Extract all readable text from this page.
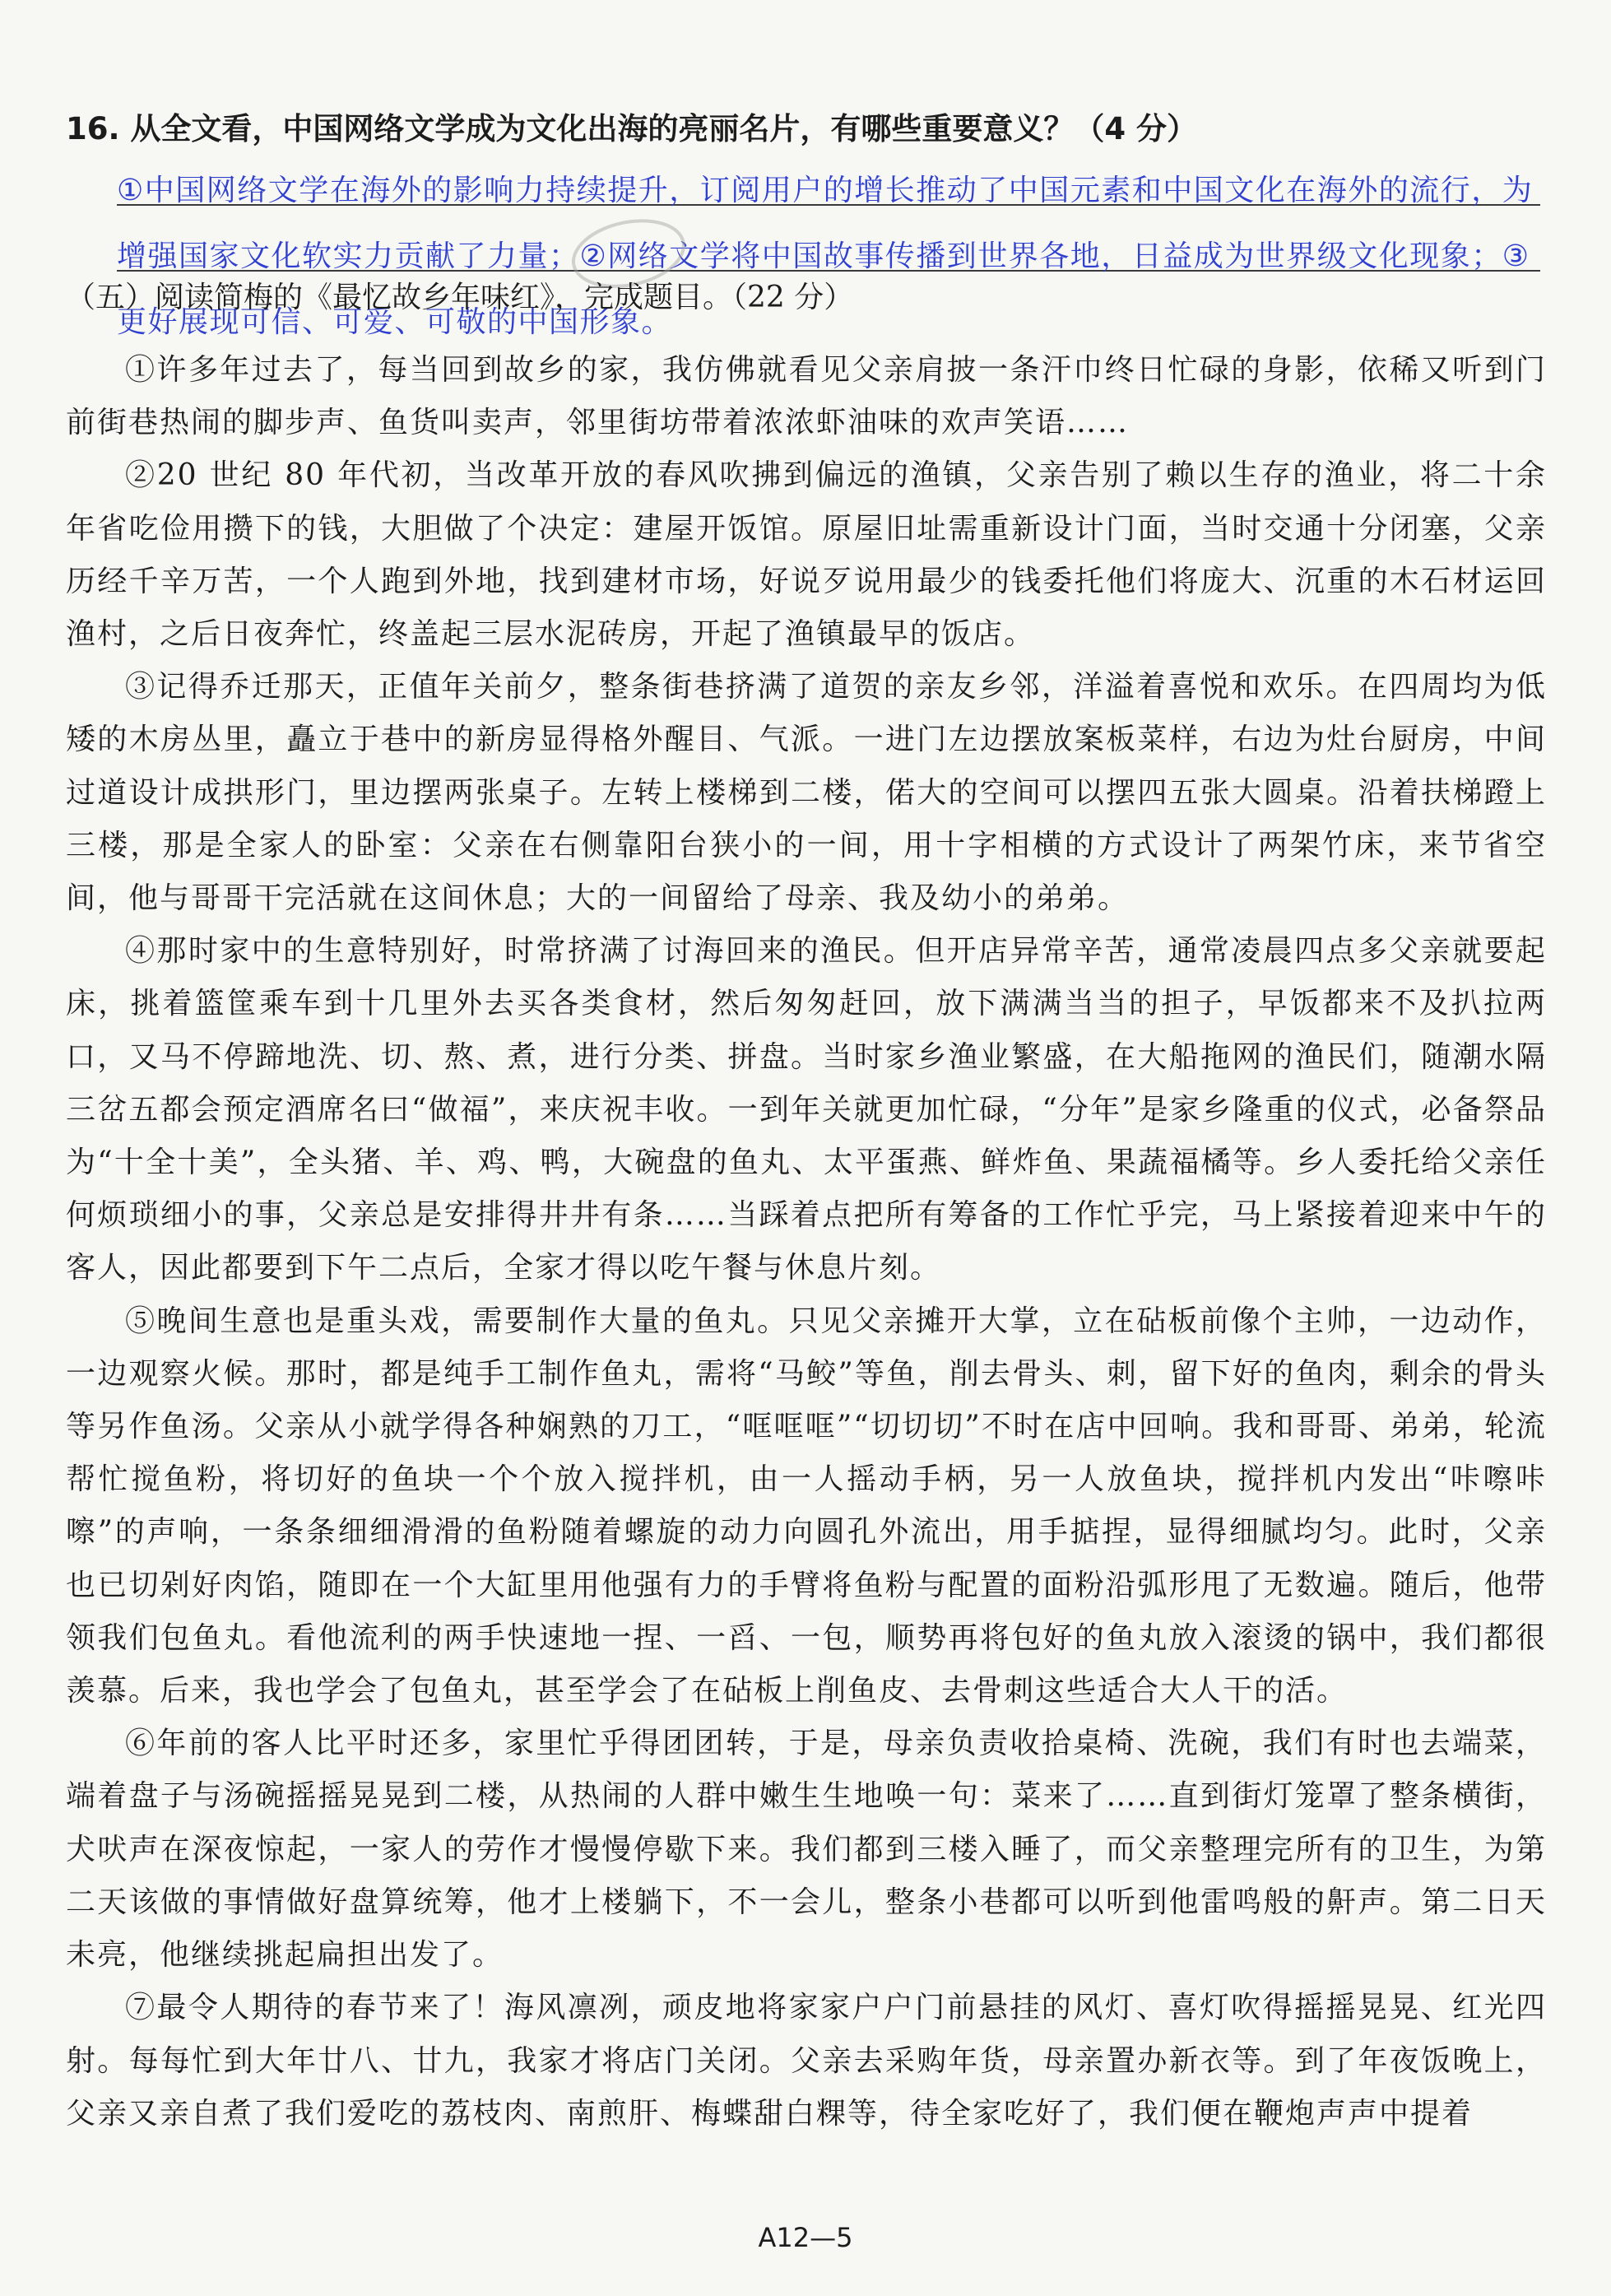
16. 从全文看，中国网络文学成为文化出海的亮丽名片，有哪些重要意义？（4 分）
①中国网络文学在海外的影响力持续提升，订阅用户的增长推动了中国元素和中国文化在海外的流行，为增强国家文化软实力贡献了力量；②网络文学将中国故事传播到世界各地，日益成为世界级文化现象；③更好展现可信、可爱、可敬的中国形象。
（五）阅读简梅的《最忆故乡年味红》，完成题目。（22 分）

①许多年过去了，每当回到故乡的家，我仿佛就看见父亲肩披一条汗巾终日忙碌的身影，依稀又听到门前街巷热闹的脚步声、鱼货叫卖声，邻里街坊带着浓浓虾油味的欢声笑语……

②20 世纪 80 年代初，当改革开放的春风吹拂到偏远的渔镇，父亲告别了赖以生存的渔业，将二十余年省吃俭用攒下的钱，大胆做了个决定：建屋开饭馆。原屋旧址需重新设计门面，当时交通十分闭塞，父亲历经千辛万苦，一个人跑到外地，找到建材市场，好说歹说用最少的钱委托他们将庞大、沉重的木石材运回渔村，之后日夜奔忙，终盖起三层水泥砖房，开起了渔镇最早的饭店。

③记得乔迁那天，正值年关前夕，整条街巷挤满了道贺的亲友乡邻，洋溢着喜悦和欢乐。在四周均为低矮的木房丛里，矗立于巷中的新房显得格外醒目、气派。一进门左边摆放案板菜样，右边为灶台厨房，中间过道设计成拱形门，里边摆两张桌子。左转上楼梯到二楼，偌大的空间可以摆四五张大圆桌。沿着扶梯蹬上三楼，那是全家人的卧室：父亲在右侧靠阳台狭小的一间，用十字相横的方式设计了两架竹床，来节省空间，他与哥哥干完活就在这间休息；大的一间留给了母亲、我及幼小的弟弟。

④那时家中的生意特别好，时常挤满了讨海回来的渔民。但开店异常辛苦，通常凌晨四点多父亲就要起床，挑着篮筐乘车到十几里外去买各类食材，然后匆匆赶回，放下满满当当的担子，早饭都来不及扒拉两口，又马不停蹄地洗、切、熬、煮，进行分类、拼盘。当时家乡渔业繁盛，在大船拖网的渔民们，随潮水隔三岔五都会预定酒席名曰“做福”，来庆祝丰收。一到年关就更加忙碌，“分年”是家乡隆重的仪式，必备祭品为“十全十美”，全头猪、羊、鸡、鸭，大碗盘的鱼丸、太平蛋燕、鲜炸鱼、果蔬福橘等。乡人委托给父亲任何烦琐细小的事，父亲总是安排得井井有条……当踩着点把所有筹备的工作忙乎完，马上紧接着迎来中午的客人，因此都要到下午二点后，全家才得以吃午餐与休息片刻。

⑤晚间生意也是重头戏，需要制作大量的鱼丸。只见父亲摊开大掌，立在砧板前像个主帅，一边动作，一边观察火候。那时，都是纯手工制作鱼丸，需将“马鲛”等鱼，削去骨头、刺，留下好的鱼肉，剩余的骨头等另作鱼汤。父亲从小就学得各种娴熟的刀工，“哐哐哐”“切切切”不时在店中回响。我和哥哥、弟弟，轮流帮忙搅鱼粉，将切好的鱼块一个个放入搅拌机，由一人摇动手柄，另一人放鱼块，搅拌机内发出“咔嚓咔嚓”的声响，一条条细细滑滑的鱼粉随着螺旋的动力向圆孔外流出，用手掂捏，显得细腻均匀。此时，父亲也已切剁好肉馅，随即在一个大缸里用他强有力的手臂将鱼粉与配置的面粉沿弧形甩了无数遍。随后，他带领我们包鱼丸。看他流利的两手快速地一捏、一舀、一包，顺势再将包好的鱼丸放入滚烫的锅中，我们都很羡慕。后来，我也学会了包鱼丸，甚至学会了在砧板上削鱼皮、去骨刺这些适合大人干的活。

⑥年前的客人比平时还多，家里忙乎得团团转，于是，母亲负责收拾桌椅、洗碗，我们有时也去端菜，端着盘子与汤碗摇摇晃晃到二楼，从热闹的人群中嫩生生地唤一句：菜来了……直到街灯笼罩了整条横街，犬吠声在深夜惊起，一家人的劳作才慢慢停歇下来。我们都到三楼入睡了，而父亲整理完所有的卫生，为第二天该做的事情做好盘算统筹，他才上楼躺下，不一会儿，整条小巷都可以听到他雷鸣般的鼾声。第二日天未亮，他继续挑起扁担出发了。

⑦最令人期待的春节来了！海风凛冽，顽皮地将家家户户门前悬挂的风灯、喜灯吹得摇摇晃晃、红光四射。每每忙到大年廿八、廿九，我家才将店门关闭。父亲去采购年货，母亲置办新衣等。到了年夜饭晚上，父亲又亲自煮了我们爱吃的荔枝肉、南煎肝、梅蝶甜白粿等，待全家吃好了，我们便在鞭炮声声中提着

A12—5
